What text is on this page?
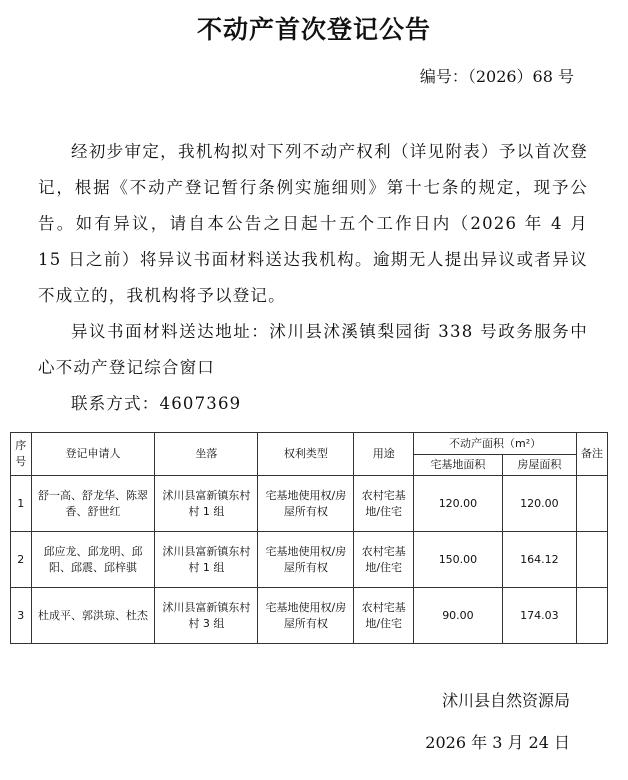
不动产首次登记公告
编号：（2026）68 号

经初步审定，我机构拟对下列不动产权利（详见附表）予以首次登记，根据《不动产登记暂行条例实施细则》第十七条的规定，现予公告。如有异议，请自本公告之日起十五个工作日内（2026 年 4 月 15 日之前）将异议书面材料送达我机构。逾期无人提出异议或者异议不成立的，我机构将予以登记。

异议书面材料送达地址：沭川县沭溪镇梨园街 338 号政务服务中心不动产登记综合窗口

联系方式：4607369

序号	登记申请人	坐落	权利类型	用途	不动产面积（m²）		备注
					宅基地面积	房屋面积	
1	舒一高、舒龙华、陈翠香、舒世红	沭川县富新镇东村村 1 组	宅基地使用权/房屋所有权	农村宅基地/住宅	120.00	120.00	
2	邱应龙、邱龙明、邱阳、邱震、邱梓骐	沭川县富新镇东村村 1 组	宅基地使用权/房屋所有权	农村宅基地/住宅	150.00	164.12	
3	杜成平、郭洪琼、杜杰	沭川县富新镇东村村 3 组	宅基地使用权/房屋所有权	农村宅基地/住宅	90.00	174.03	
沭川县自然资源局
2026 年 3 月 24 日
